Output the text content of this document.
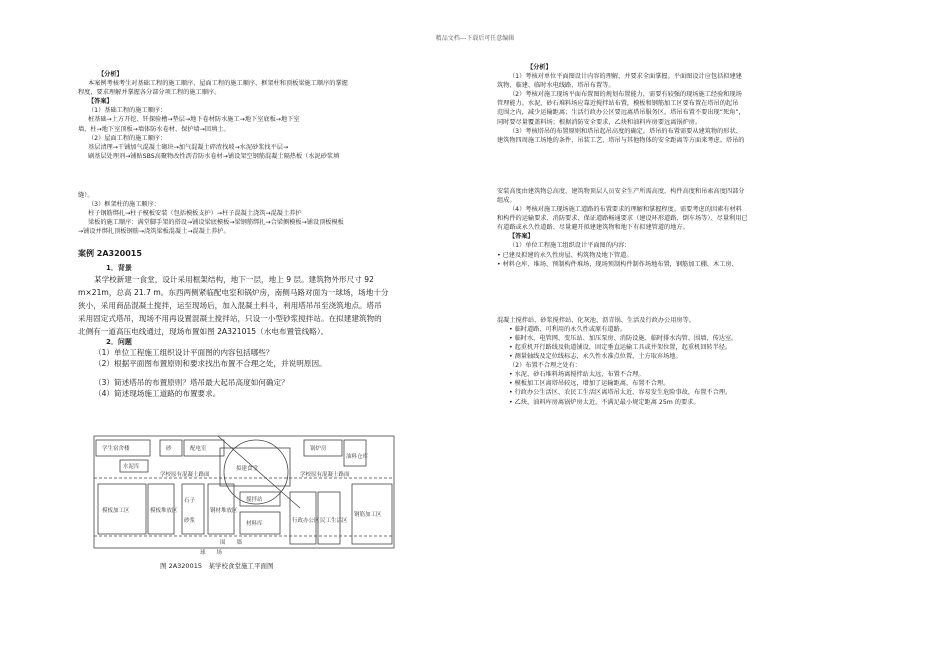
精品文档---下载后可任意编辑

【分析】

本案例考核考生对基础工程的施工顺序、屋面工程的施工顺序、框架柱和顶板梁施工顺序的掌握

程度，要求理解并掌握各分部分项工程的施工顺序。

【答案】

（1）基础工程的施工顺序：

桩基础→土方开挖、钎探验槽→垫层→地下卷材防水施工→地下室底板→地下室

墙、柱→地下室顶板→墙体防水卷材、保护墙→回填土。

（2）屋面工程的施工顺序：

基层清理→干铺加气混凝土砌块→加气混凝土碎渣找坡→水泥砂浆找平层→

刷基层处理剂→铺贴SBS高聚物改性沥青防水卷材→铺设架空钢筋混凝土隔热板（水泥砂浆填

缝）。

（3）框架柱的施工顺序：

柱子钢筋绑扎→柱子模板安装（包括模板支护）→柱子混凝土浇筑→混凝土养护

梁板的施工顺序：满堂脚手架的搭设→铺设梁底模板→梁钢筋绑扎→合梁侧模板→铺设顶板模板

→铺设并绑扎顶板钢筋→浇筑梁板混凝土→混凝土养护。

案例 2A320015

1．背景

某学校新建一食堂，设计采用框架结构，地下一层，地上 9 层。建筑物外形尺寸 92

m×21m，总高 21.7 m。东西两侧紧临配电室和锅炉房，南侧马路对面为一球场，场地十分

狭小，采用商品混凝土搅拌，运至现场后，加入混凝土料斗，利用塔吊吊至浇筑地点。塔吊

采用固定式塔吊，现场不用再设置混凝土搅拌站，只设一小型砂浆搅拌站。在拟建建筑物的

北侧有一道高压电线通过，现场布置如图 2A321015（水电布置管线略）。

2．问题

（1）单位工程施工组织设计平面图的内容包括哪些？

（2）根据平面图布置原则和要求找出布置不合理之处，并说明原因。

（3）简述塔吊的布置原则？塔吊最大起吊高度如何确定？

（4）简述现场施工道路的布置要求。

学生宿舍楼	砂	配电室	锅炉房
油料仓库
水泥库	拟建食堂
学校原有混凝土路面	学校原有混凝土路面
模板加工区	模板堆放区
石子
砂浆
钢材堆放区
搅拌站
材料库	行政办公区 民工生活区
钢筋加工区
围　　墙
球　　场
图 2A320015　某学校食堂施工平面图

【分析】

（1）考核对单位平面图设计内容的理解，并要求全面掌握。平面图设计应包括拟建建

筑物、临建、临时水电线路、塔吊布置等。

（2）考核对施工现场平面布置图的规划布置能力，需要有较强的现场施工经验和现场

管理能力。水泥、砂石堆料场应靠近搅拌站布置，模板和钢筋加工区要布置在塔吊的起吊

范围之内，减少运输距离；生活行政办公区要远离塔吊服务区，塔吊布置不要出现“死角”，

同时要尽量覆盖料场；根据消防安全要求，乙炔和油料库房要远离锅炉房。

（3）考核塔吊的布置原则和塔吊起吊高度的确定。塔吊的布置需要从建筑物的形状、

建筑物四周施工场地的条件、吊装工艺、塔吊与其他物体的安全距离等方面来考虑。塔吊的

安装高度由建筑物总高度、建筑物顶层人员安全生产所需高度、构件高度和吊索高度四部分

组成。

（4）考核对施工现场施工道路的布置要求的理解和掌握程度。需要考虑的因素有材料

和构件的运输要求、消防要求、保证道路畅通要求（建设环形道路、倒车场等）、尽量利用已

有道路或永久性道路、尽量避开拟建建筑物和地下有拟建管道的地方。

【答案】

（1）单位工程施工组织设计平面图的内容：

• 已建及拟建的永久性房屋、构筑物及地下管道。

• 材料仓库、堆场、预制构件堆场，现场预制构件制作场地布置，钢筋加工棚、木工房、

混凝土搅拌站、砂浆搅拌站、化灰池、沥青锅、生活及行政办公用房等。

• 临时道路、可利用的永久性或原有道路。

• 临时水、电管网、变压站、加压泵房、消防设施、临时排水沟管、围墙、传达室。

• 起重机开行路线及轨道铺设，固定垂直运输工具或井架位置，起重机回转半径。

• 测量轴线及定位线标志，永久性水准点位置，土方取弃场地。

（2）布置不合理之处有：

• 水泥、砂石堆料场离搅拌站太远，布置不合理。

• 模板加工区离塔吊较远，增加了运输距离，布置不合理。

• 行政办公生活区、农民工生活区离塔吊太近，容易发生危险事故，布置不合理。

• 乙炔、油料库房离锅炉房太近，不满足最小规定距离 25m 的要求。
